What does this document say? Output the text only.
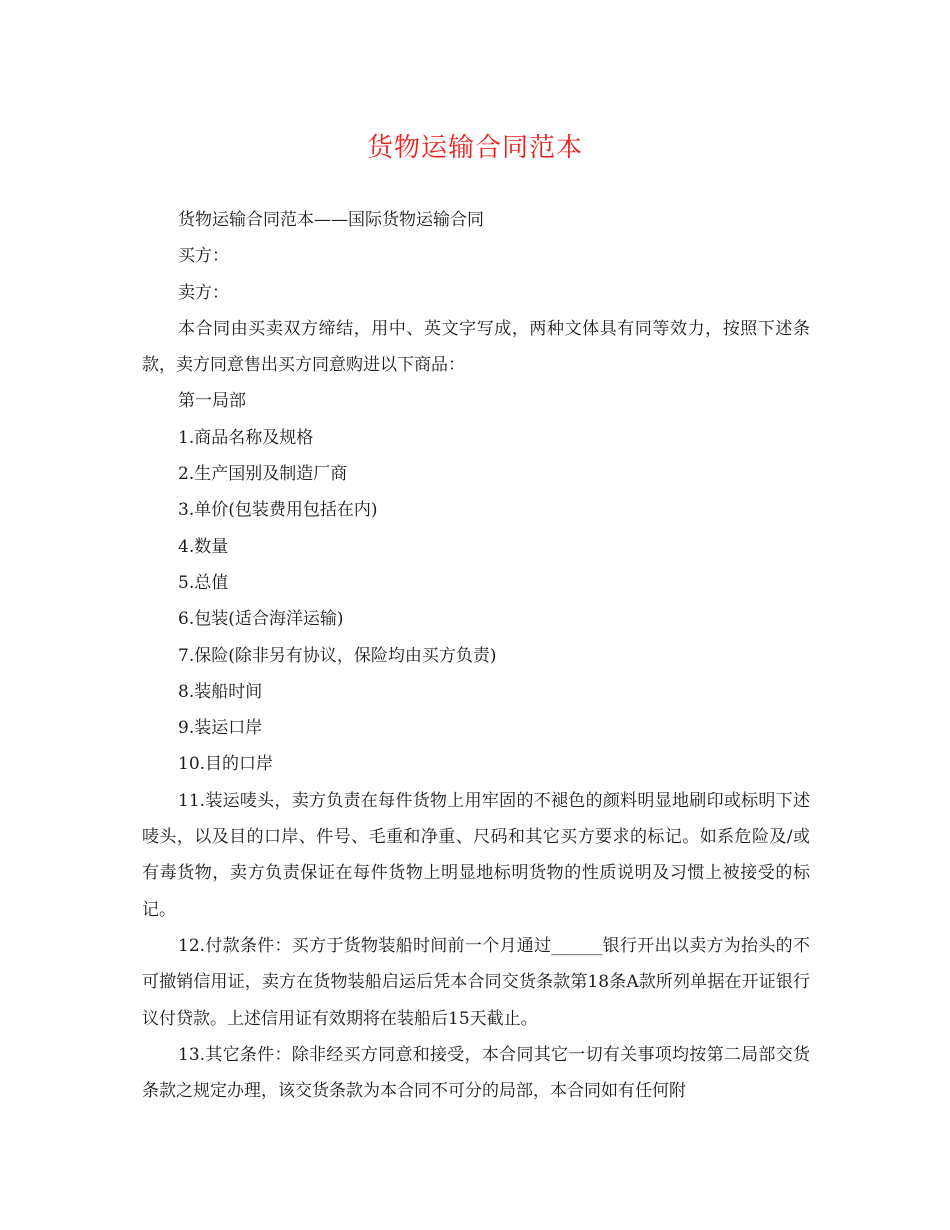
货物运输合同范本

货物运输合同范本——国际货物运输合同

买方：

卖方：

本合同由买卖双方缔结，用中、英文字写成，两种文体具有同等效力，按照下述条款，卖方同意售出买方同意购进以下商品：

第一局部

1.商品名称及规格

2.生产国别及制造厂商

3.单价(包装费用包括在内)

4.数量

5.总值

6.包装(适合海洋运输)

7.保险(除非另有协议，保险均由买方负责)

8.装船时间

9.装运口岸

10.目的口岸

11.装运唛头，卖方负责在每件货物上用牢固的不褪色的颜料明显地刷印或标明下述唛头，以及目的口岸、件号、毛重和净重、尺码和其它买方要求的标记。如系危险及/或有毒货物，卖方负责保证在每件货物上明显地标明货物的性质说明及习惯上被接受的标记。

12.付款条件：买方于货物装船时间前一个月通过______银行开出以卖方为抬头的不可撤销信用证，卖方在货物装船启运后凭本合同交货条款第18条A款所列单据在开证银行议付贷款。上述信用证有效期将在装船后15天截止。

13.其它条件：除非经买方同意和接受，本合同其它一切有关事项均按第二局部交货条款之规定办理，该交货条款为本合同不可分的局部，本合同如有任何附
